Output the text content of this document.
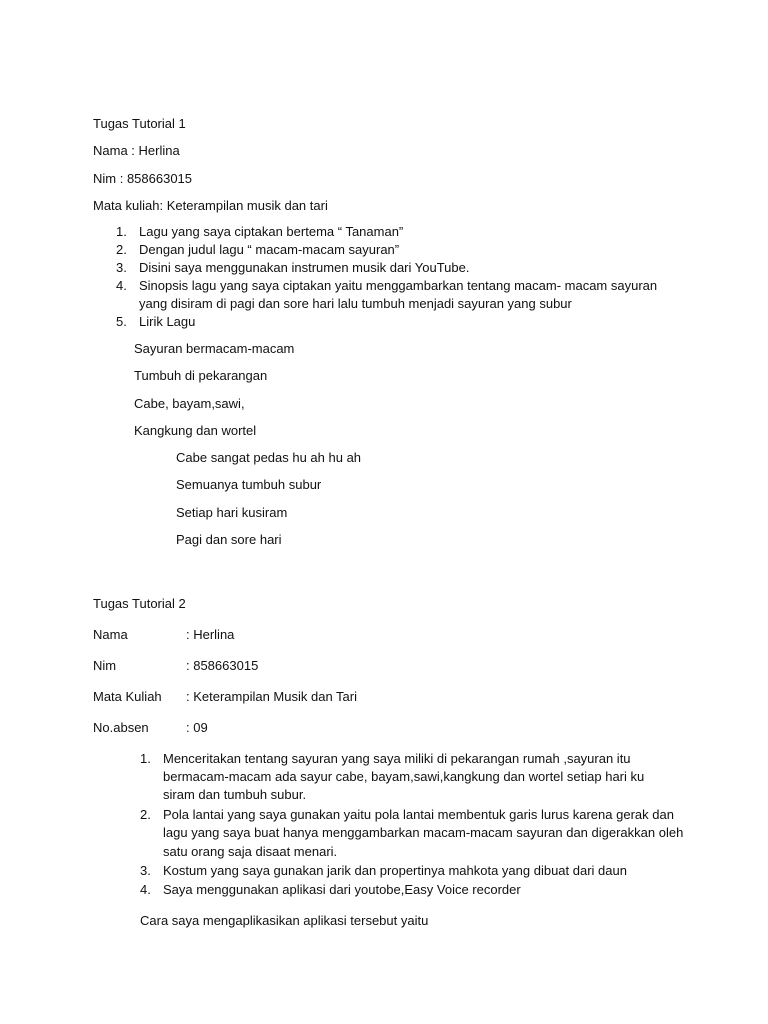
Tugas Tutorial 1
Nama : Herlina
Nim : 858663015
Mata kuliah: Keterampilan musik dan tari
1. Lagu yang saya ciptakan bertema “ Tanaman”
2. Dengan judul lagu “ macam-macam sayuran”
3. Disini saya menggunakan instrumen musik dari YouTube.
4. Sinopsis lagu yang saya ciptakan yaitu menggambarkan tentang macam- macam sayuran
yang disiram di pagi dan sore hari lalu tumbuh menjadi sayuran yang subur
5. Lirik Lagu
Sayuran bermacam-macam
Tumbuh di pekarangan
Cabe, bayam,sawi,
Kangkung dan wortel
Cabe sangat pedas hu ah hu ah
Semuanya tumbuh subur
Setiap hari kusiram
Pagi dan sore hari
Tugas Tutorial 2
Nama	: Herlina
Nim	: 858663015
Mata Kuliah : Keterampilan Musik dan Tari
No.absen	: 09
1. Menceritakan tentang sayuran yang saya miliki di pekarangan rumah ,sayuran itu
bermacam-macam ada sayur cabe, bayam,sawi,kangkung dan wortel setiap hari ku
siram dan tumbuh subur.
2. Pola lantai yang saya gunakan yaitu pola lantai membentuk garis lurus karena gerak dan
lagu yang saya buat hanya menggambarkan macam-macam sayuran dan digerakkan oleh
satu orang saja disaat menari.
3. Kostum yang saya gunakan jarik dan propertinya mahkota yang dibuat dari daun
4. Saya menggunakan aplikasi dari youtobe,Easy Voice recorder
Cara saya mengaplikasikan aplikasi tersebut yaitu
